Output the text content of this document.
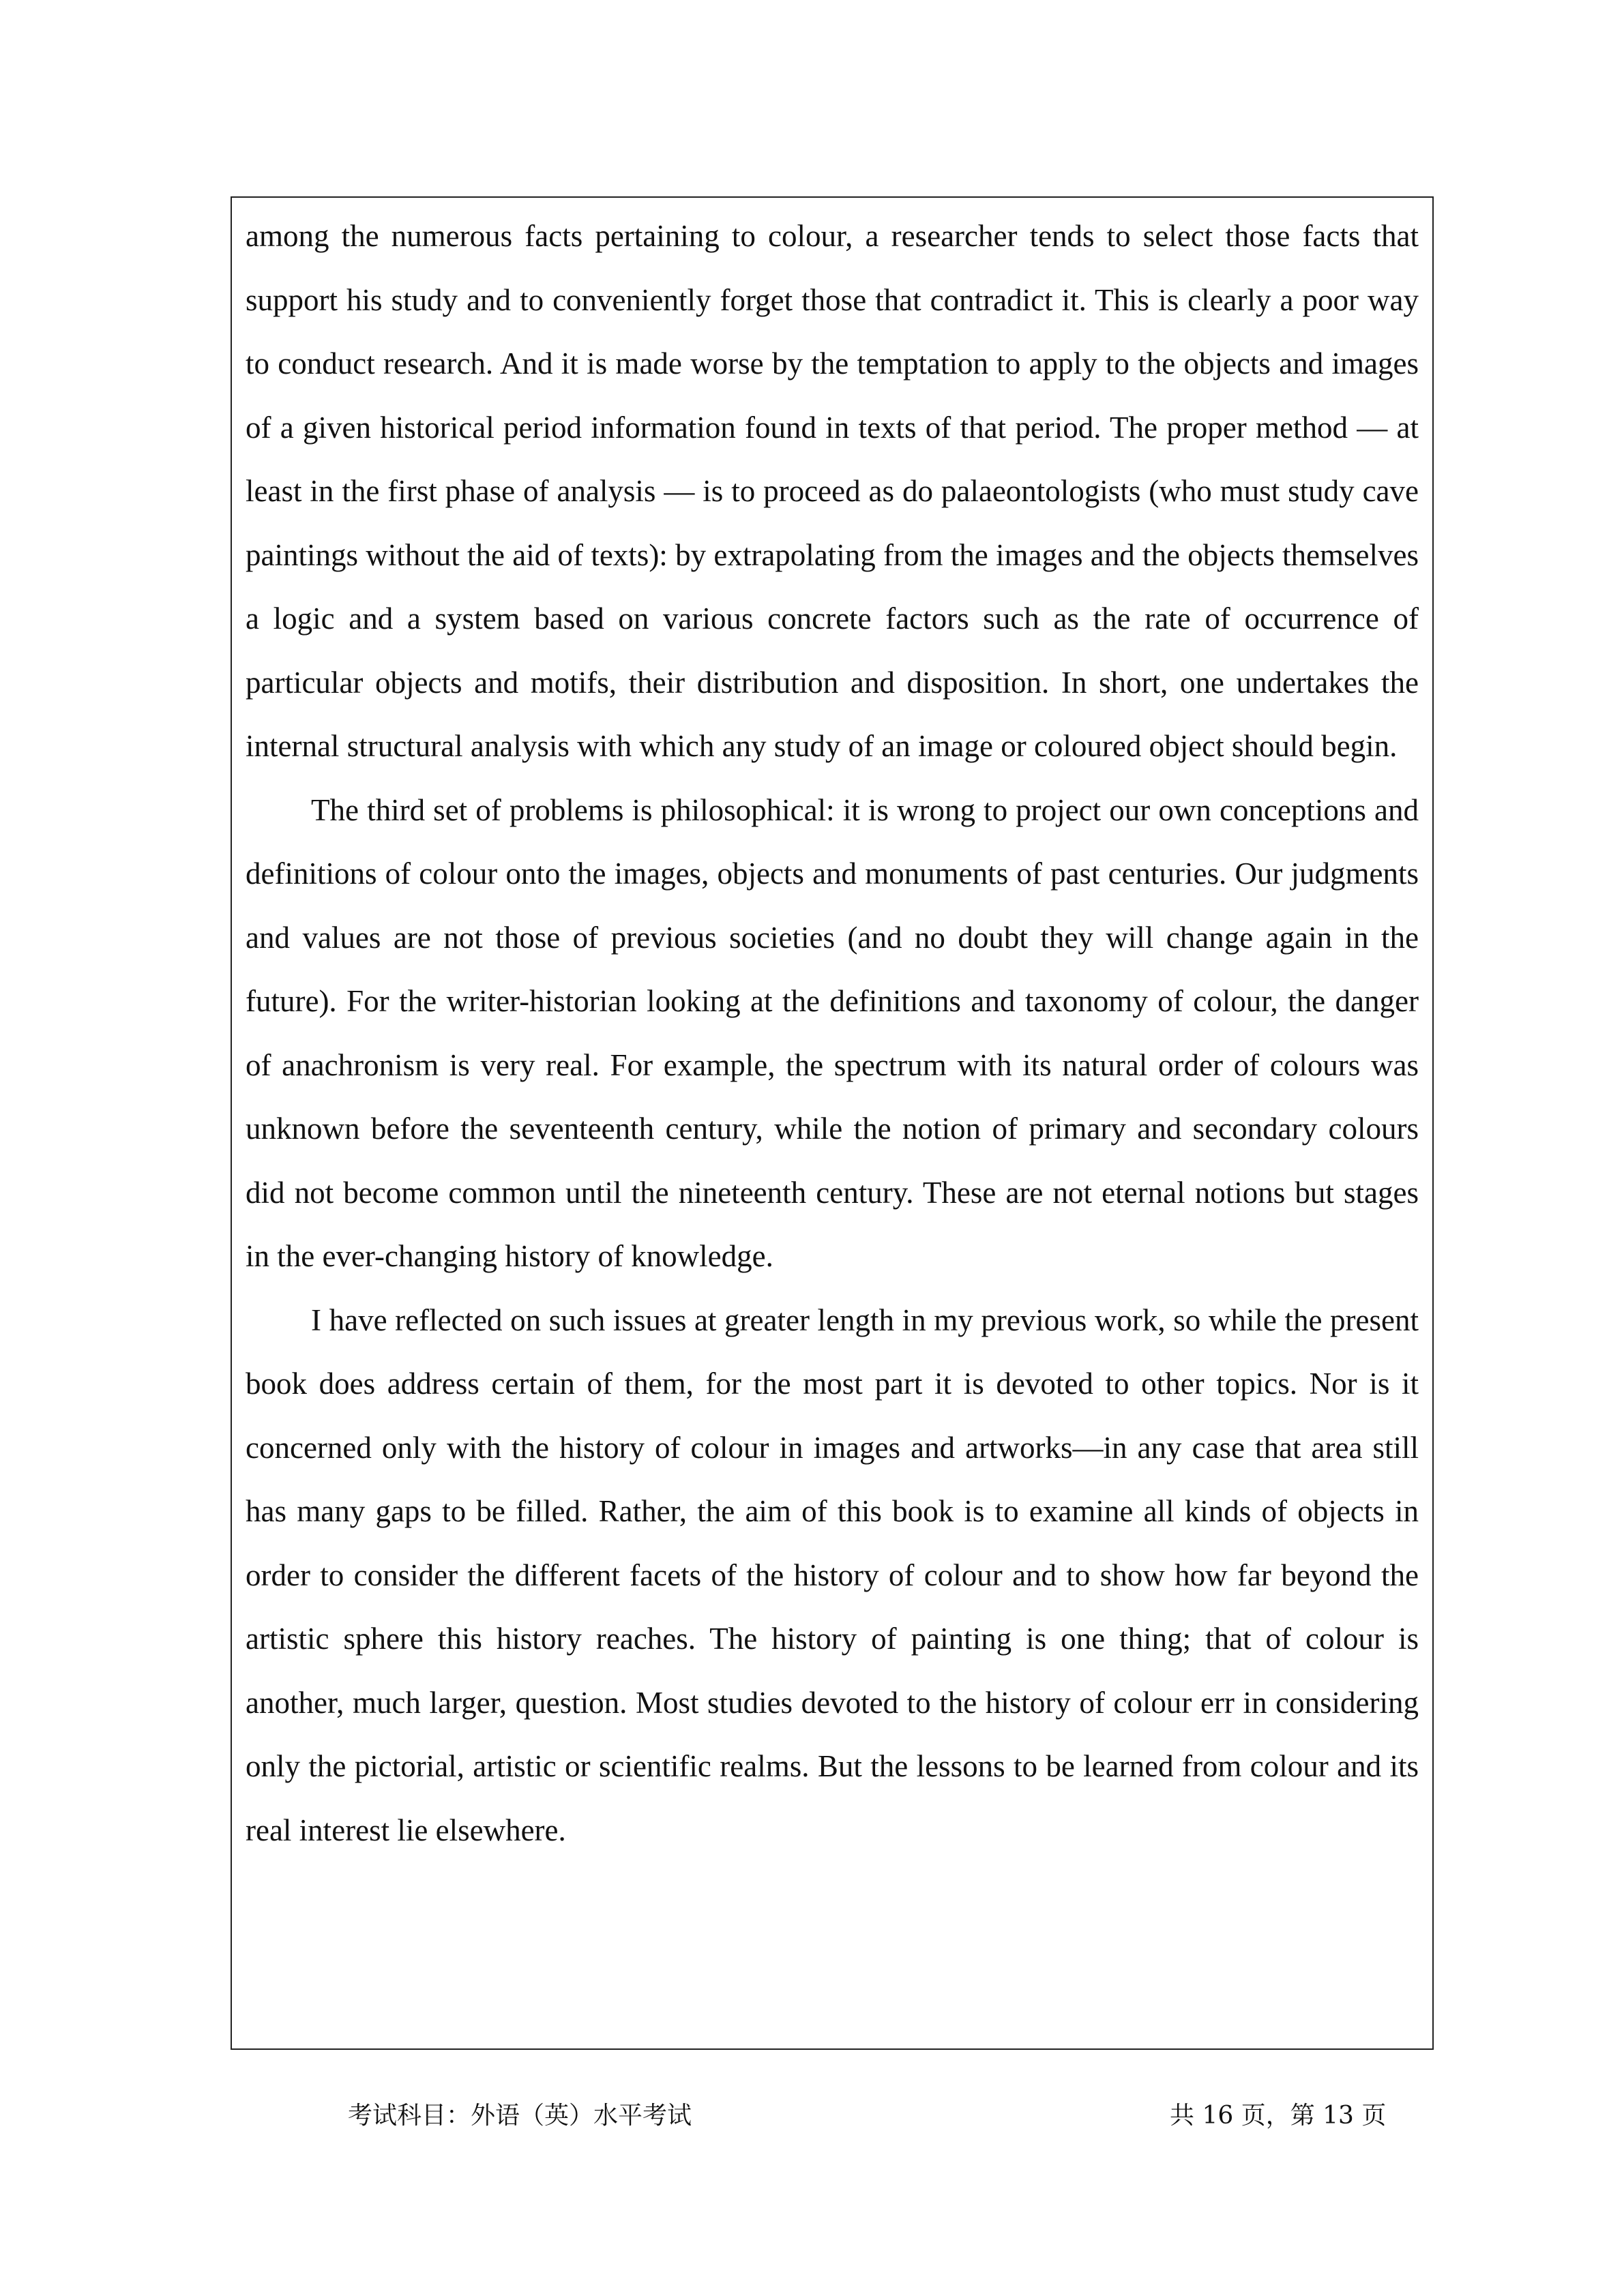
among the numerous facts pertaining to colour, a researcher tends to select those facts that support his study and to conveniently forget those that contradict it. This is clearly a poor way to conduct research. And it is made worse by the temptation to apply to the objects and images of a given historical period information found in texts of that period. The proper method — at least in the first phase of analysis — is to proceed as do palaeontologists (who must study cave paintings without the aid of texts): by extrapolating from the images and the objects themselves a logic and a system based on various concrete factors such as the rate of occurrence of particular objects and motifs, their distribution and disposition. In short, one undertakes the internal structural analysis with which any study of an image or coloured object should begin.

The third set of problems is philosophical: it is wrong to project our own conceptions and definitions of colour onto the images, objects and monuments of past centuries. Our judgments and values are not those of previous societies (and no doubt they will change again in the future). For the writer-historian looking at the definitions and taxonomy of colour, the danger of anachronism is very real. For example, the spectrum with its natural order of colours was unknown before the seventeenth century, while the notion of primary and secondary colours did not become common until the nineteenth century. These are not eternal notions but stages in the ever-changing history of knowledge.

I have reflected on such issues at greater length in my previous work, so while the present book does address certain of them, for the most part it is devoted to other topics. Nor is it concerned only with the history of colour in images and artworks—in any case that area still has many gaps to be filled. Rather, the aim of this book is to examine all kinds of objects in order to consider the different facets of the history of colour and to show how far beyond the artistic sphere this history reaches. The history of painting is one thing; that of colour is another, much larger, question. Most studies devoted to the history of colour err in considering only the pictorial, artistic or scientific realms. But the lessons to be learned from colour and its real interest lie elsewhere.

考试科目：外语（英）水平考试	共 16 页，第 13 页
